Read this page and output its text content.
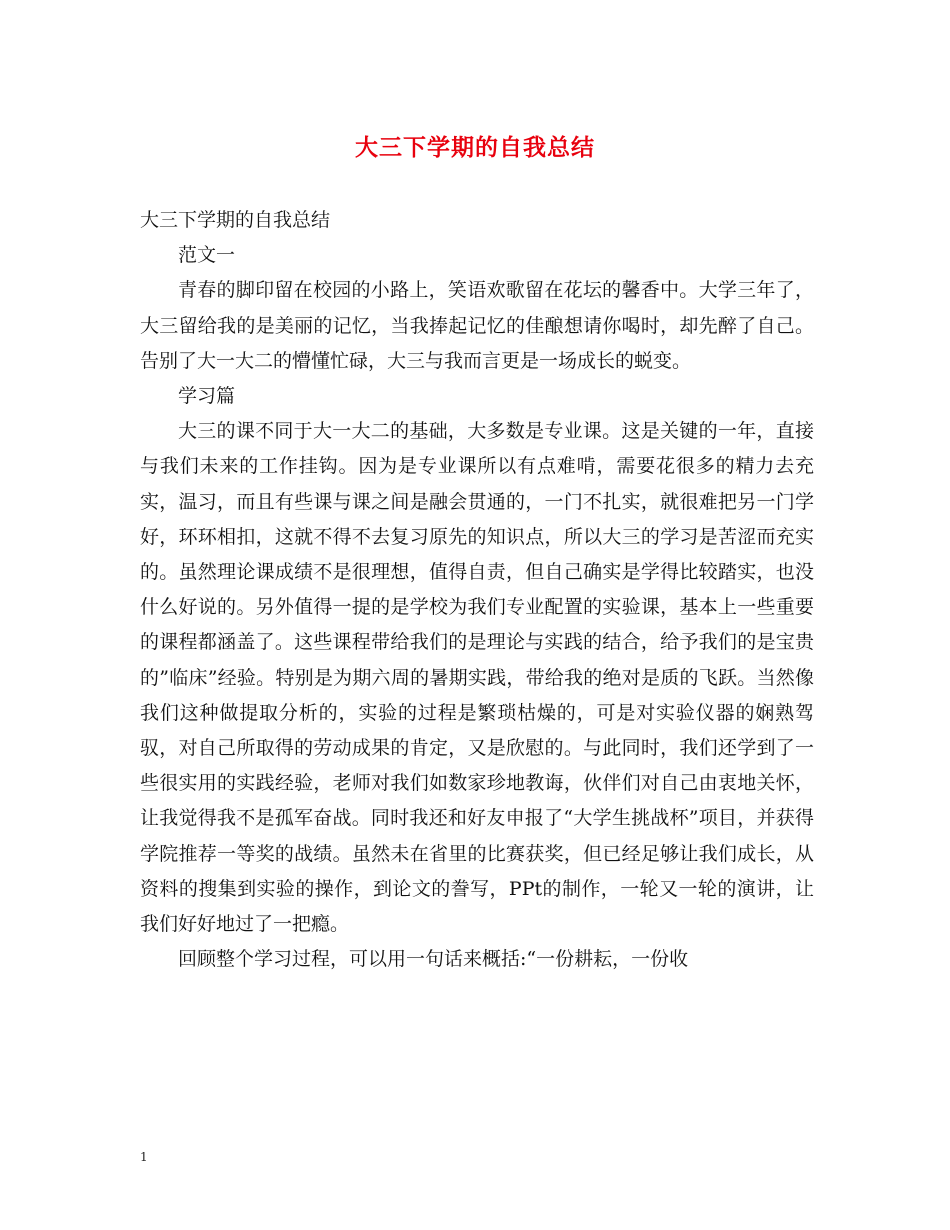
大三下学期的自我总结

大三下学期的自我总结

范文一

青春的脚印留在校园的小路上，笑语欢歌留在花坛的馨香中。大学三年了，大三留给我的是美丽的记忆，当我捧起记忆的佳酿想请你喝时，却先醉了自己。告别了大一大二的懵懂忙碌，大三与我而言更是一场成长的蜕变。

学习篇

大三的课不同于大一大二的基础，大多数是专业课。这是关键的一年，直接与我们未来的工作挂钩。因为是专业课所以有点难啃，需要花很多的精力去充实，温习，而且有些课与课之间是融会贯通的，一门不扎实，就很难把另一门学好，环环相扣，这就不得不去复习原先的知识点，所以大三的学习是苦涩而充实的。虽然理论课成绩不是很理想，值得自责，但自己确实是学得比较踏实，也没什么好说的。另外值得一提的是学校为我们专业配置的实验课，基本上一些重要的课程都涵盖了。这些课程带给我们的是理论与实践的结合，给予我们的是宝贵的”临床”经验。特别是为期六周的暑期实践，带给我的绝对是质的飞跃。当然像我们这种做提取分析的，实验的过程是繁琐枯燥的，可是对实验仪器的娴熟驾驭，对自己所取得的劳动成果的肯定，又是欣慰的。与此同时，我们还学到了一些很实用的实践经验，老师对我们如数家珍地教诲，伙伴们对自己由衷地关怀，让我觉得我不是孤军奋战。同时我还和好友申报了“大学生挑战杯”项目，并获得学院推荐一等奖的战绩。虽然未在省里的比赛获奖，但已经足够让我们成长，从资料的搜集到实验的操作，到论文的誊写，PPt的制作，一轮又一轮的演讲，让我们好好地过了一把瘾。

回顾整个学习过程，可以用一句话来概括:“一份耕耘，一份收

1
